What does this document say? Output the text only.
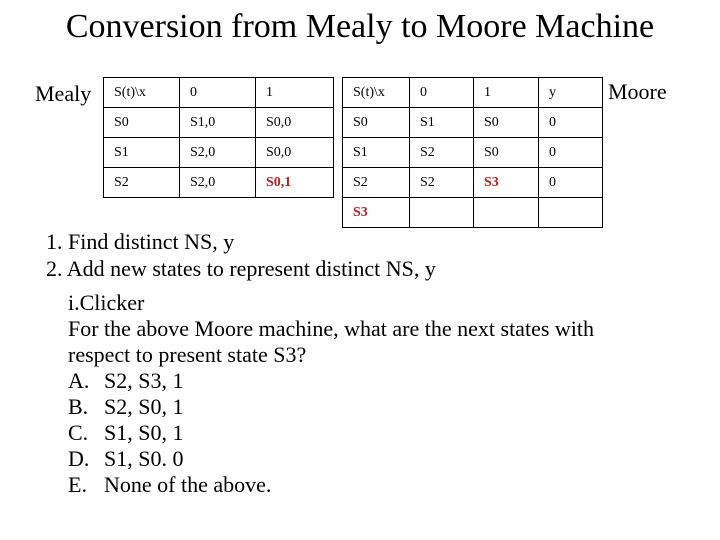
Conversion from Mealy to Moore Machine
Mealy S(t)\x	0	1
S0	S1,0	S0,0
S1	S2,0	S0,0
S2	S2,0	S0,1
S(t)\x	0	1	y
S0	S1	S0	0
S1	S2	S0	0
S2	S2	S3	0
S3			
Moore
1. Find distinct NS, y
2. Add new states to represent distinct NS, y
i.Clicker
For the above Moore machine, what are the next states with
respect to present state S3?
A. S2, S3, 1
B. S2, S0, 1
C. S1, S0, 1
D. S1, S0. 0
E. None of the above.
